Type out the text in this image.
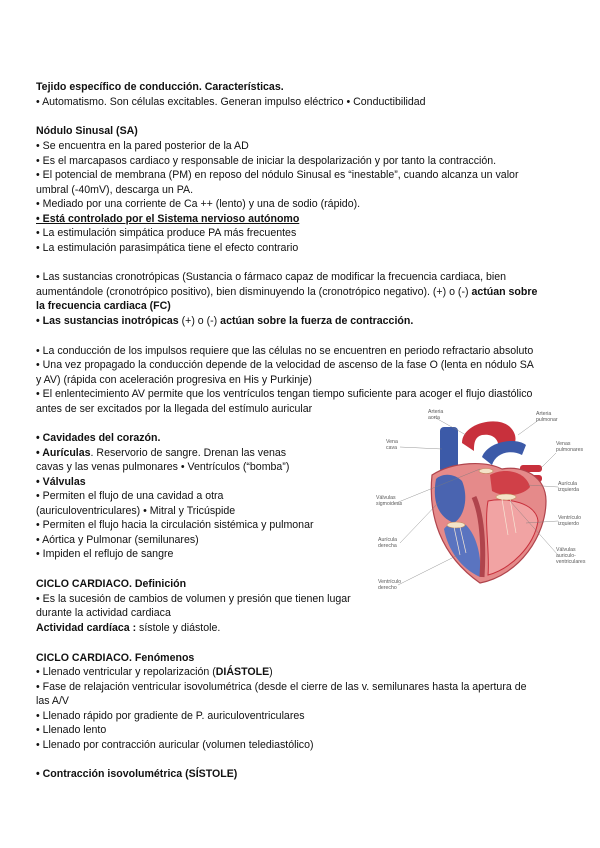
Tejido específico de conducción. Características.
• Automatismo. Son células excitables. Generan impulso eléctrico • Conductibilidad
Nódulo Sinusal (SA)
• Se encuentra en la pared posterior de la AD
• Es el marcapasos cardiaco y responsable de iniciar la despolarización y por tanto la contracción.
• El potencial de membrana (PM) en reposo del nódulo Sinusal es “inestable”, cuando alcanza un valor
umbral (-40mV), descarga un PA.
• Mediado por una corriente de Ca ++ (lento) y una de sodio (rápido).
• Está controlado por el Sistema nervioso autónomo
• La estimulación simpática produce PA más frecuentes
• La estimulación parasimpática tiene el efecto contrario
• Las sustancias cronotrópicas (Sustancia o fármaco capaz de modificar la frecuencia cardiaca, bien
aumentándole (cronotrópico positivo), bien disminuyendo la (cronotrópico negativo). (+) o (-) actúan sobre
la frecuencia cardiaca (FC)
• Las sustancias inotrópicas (+) o (-) actúan sobre la fuerza de contracción.
• La conducción de los impulsos requiere que las células no se encuentren en periodo refractario absoluto
• Una vez propagado la conducción depende de la velocidad de ascenso de la fase O (lenta en nódulo SA
y AV) (rápida con aceleración progresiva en His y Purkinje)
• El enlentecimiento AV permite que los ventrículos tengan tiempo suficiente para acoger el flujo diastólico
antes de ser excitados por la llegada del estímulo auricular
• Cavidades del corazón.
• Aurículas. Reservorio de sangre. Drenan las venas
cavas y las venas pulmonares • Ventrículos (“bomba”)
• Válvulas
• Permiten el flujo de una cavidad a otra
(auriculoventriculares) • Mitral y Tricúspide
• Permiten el flujo hacia la circulación sistémica y pulmonar
• Aórtica y Pulmonar (semilunares)
• Impiden el reflujo de sangre
CICLO CARDIACO. Definición
• Es la sucesión de cambios de volumen y presión que tienen lugar
durante la actividad cardiaca
Actividad cardíaca : sístole y diástole.
CICLO CARDIACO. Fenómenos
• Llenado ventricular y repolarización (DIÁSTOLE)
• Fase de relajación ventricular isovolumétrica (desde el cierre de las v. semilunares hasta la apertura de
las A/V
• Llenado rápido por gradiente de P. auriculoventriculares
• Llenado lento
• Llenado por contracción auricular (volumen telediastólico)
• Contracción isovolumétrica (SÍSTOLE)
Arteria
aorta
Arteria
pulmonar
Vena
cava
Venas
pulmonares
Aurícula
izquierda
Válvulas
sigmoideas
Ventrículo
izquierdo
Aurícula
derecha
Válvulas
auriculo-
ventriculares
Ventrículo
derecho
